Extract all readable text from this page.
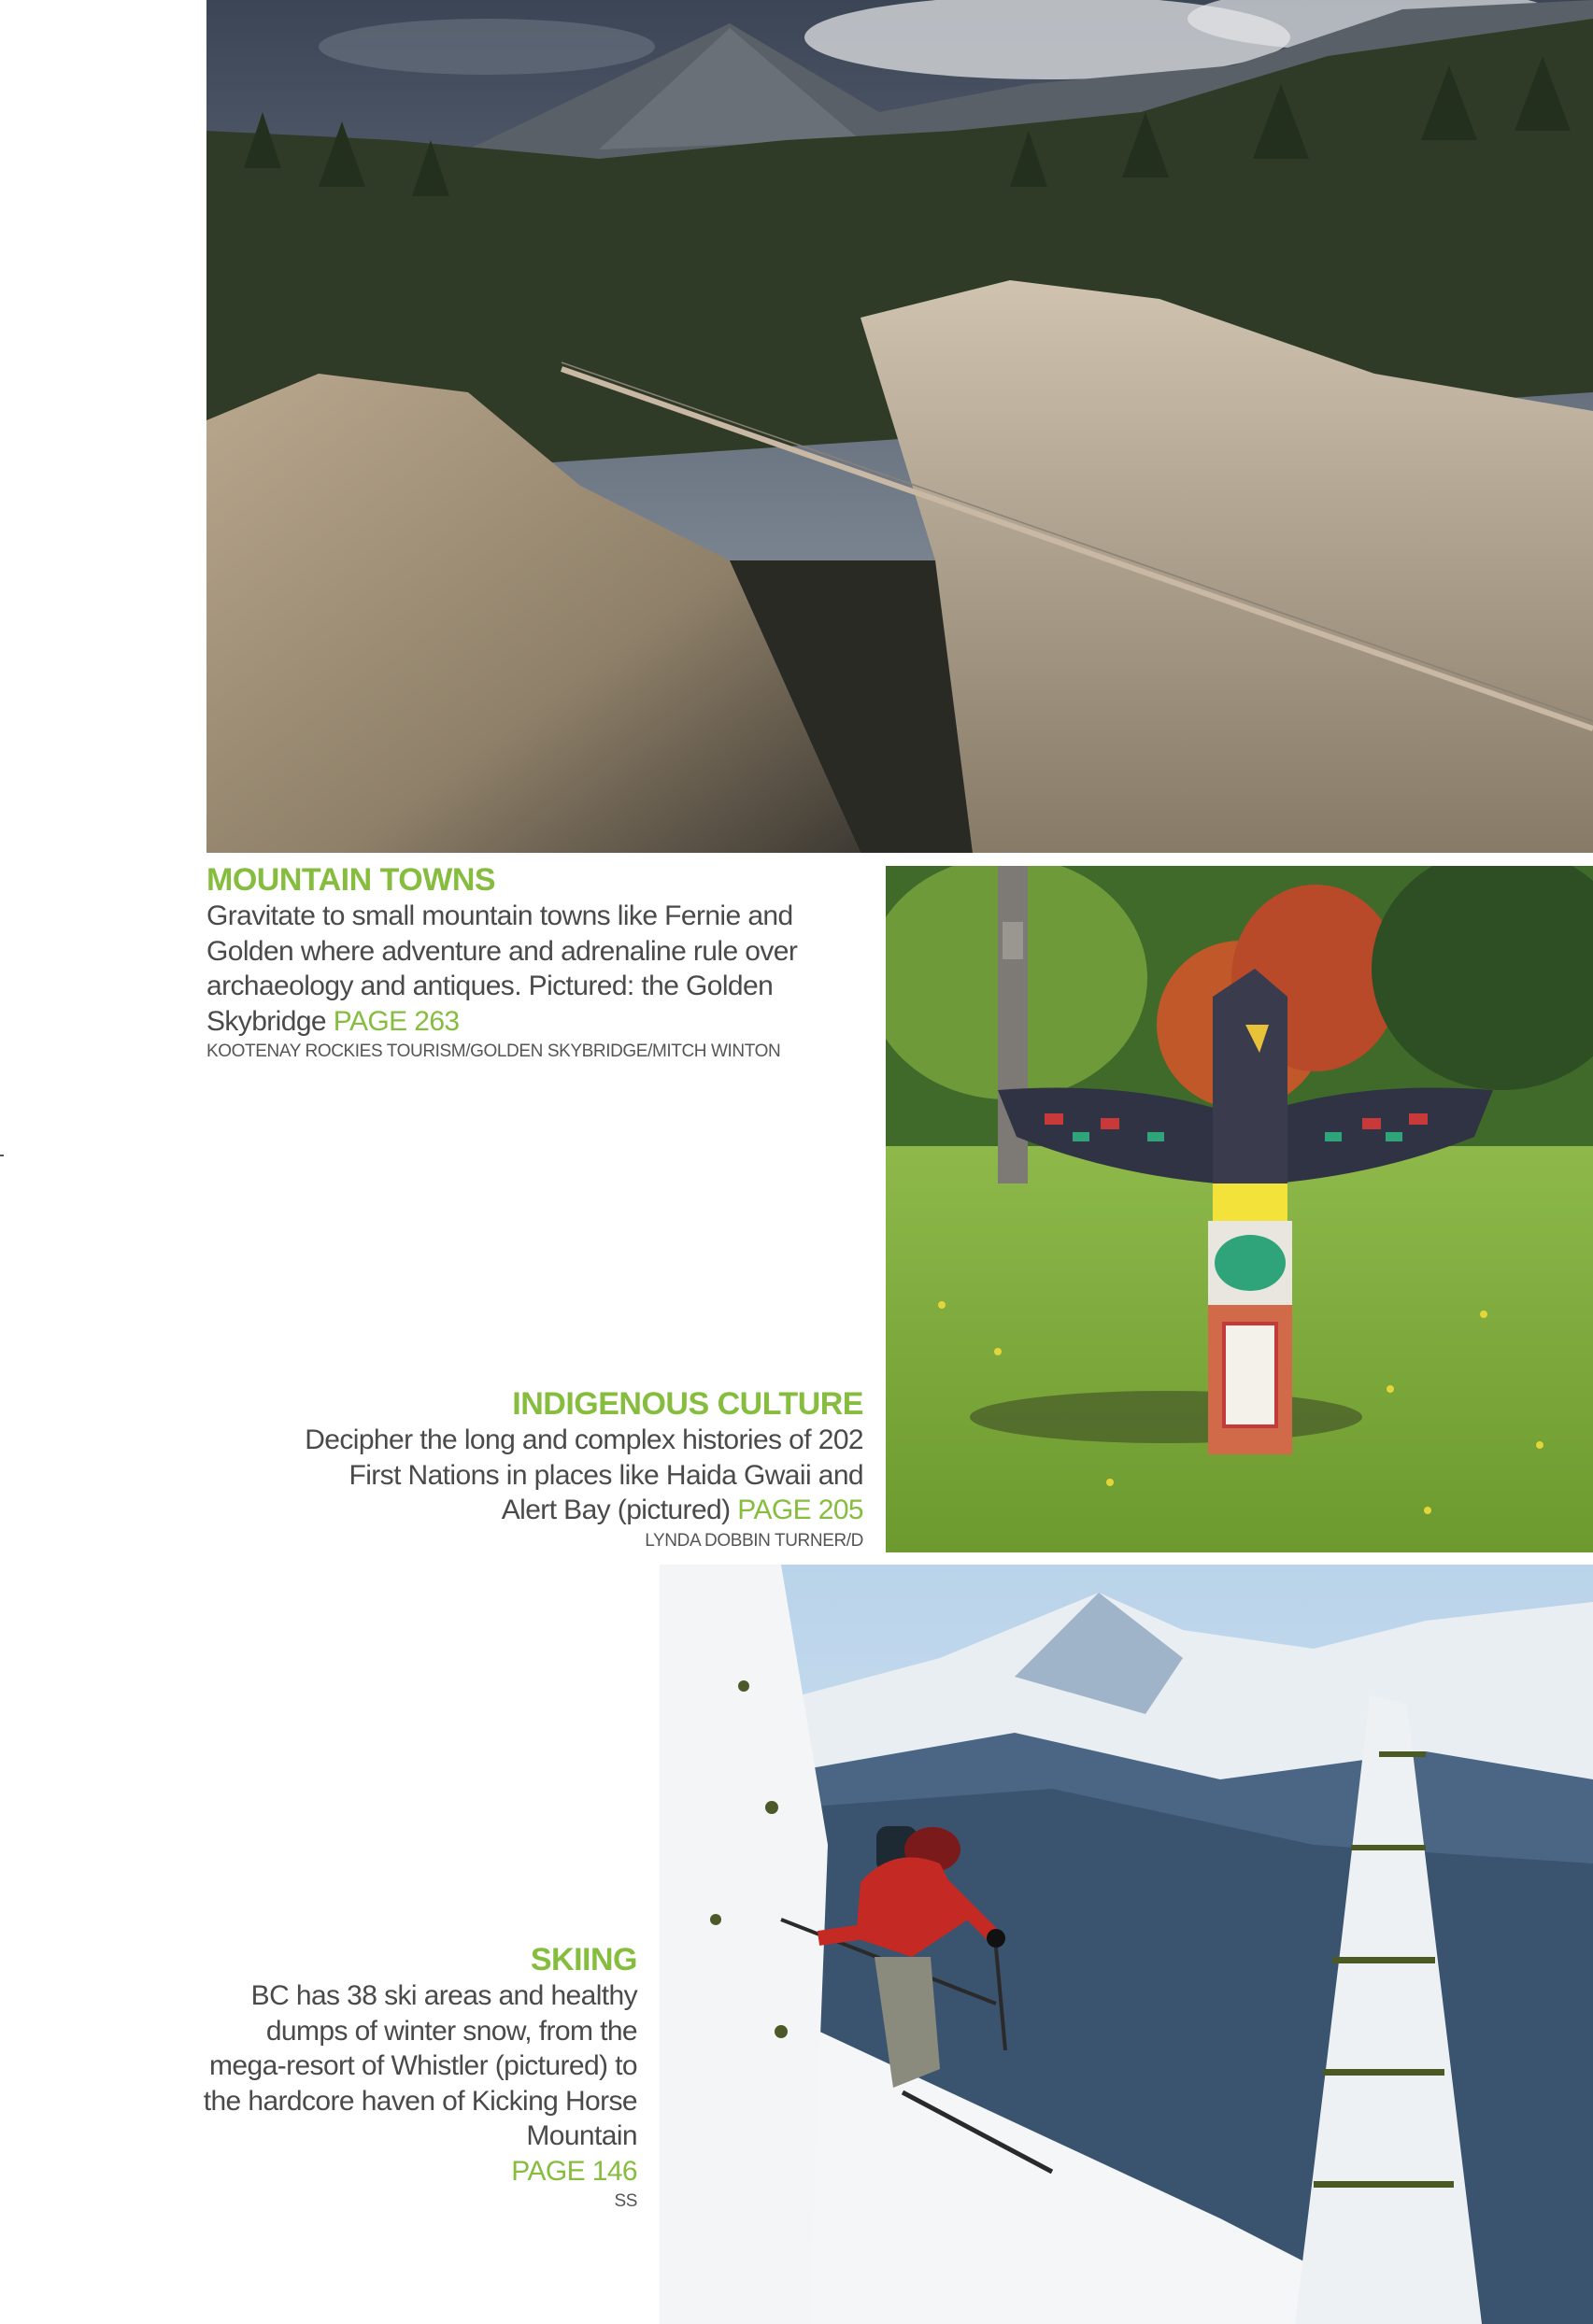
MOUNTAIN TOWNS

Gravitate to small mountain towns like Fernie and Golden where adventure and adrenaline rule over archaeology and antiques. Pictured: the Golden Skybridge PAGE 263

KOOTENAY ROCKIES TOURISM/GOLDEN SKYBRIDGE/MITCH WINTON
INDIGENOUS CULTURE

Decipher the long and complex histories of 202 First Nations in places like Haida Gwaii and Alert Bay (pictured) PAGE 205

LYNDA DOBBIN TURNER/D
SKIING

BC has 38 ski areas and healthy dumps of winter snow, from the mega-resort of Whistler (pictured) to the hardcore haven of Kicking Horse Mountain

PAGE 146

SS
